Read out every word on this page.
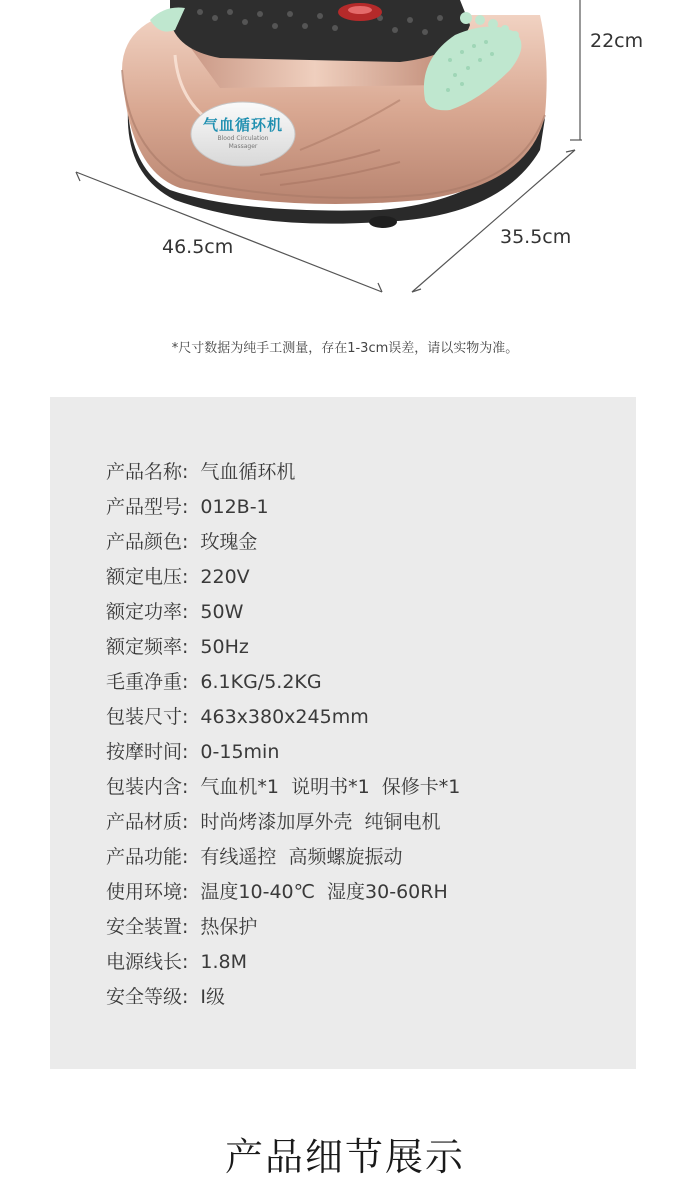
气血循环机
Blood Circulation
Massager
22cm
46.5cm	35.5cm
*尺寸数据为纯手工测量，存在1-3cm误差，请以实物为准。
产品名称: 气血循环机
产品型号: 012B-1
产品颜色: 玫瑰金
额定电压: 220V
额定功率: 50W
额定频率: 50Hz
毛重净重: 6.1KG/5.2KG
包装尺寸: 463x380x245mm
按摩时间: 0-15min
包装内含: 气血机*1  说明书*1  保修卡*1
产品材质: 时尚烤漆加厚外壳  纯铜电机
产品功能: 有线遥控  高频螺旋振动
使用环境: 温度10-40℃  湿度30-60RH
安全装置: 热保护
电源线长: 1.8M
安全等级: I级
产品细节展示
